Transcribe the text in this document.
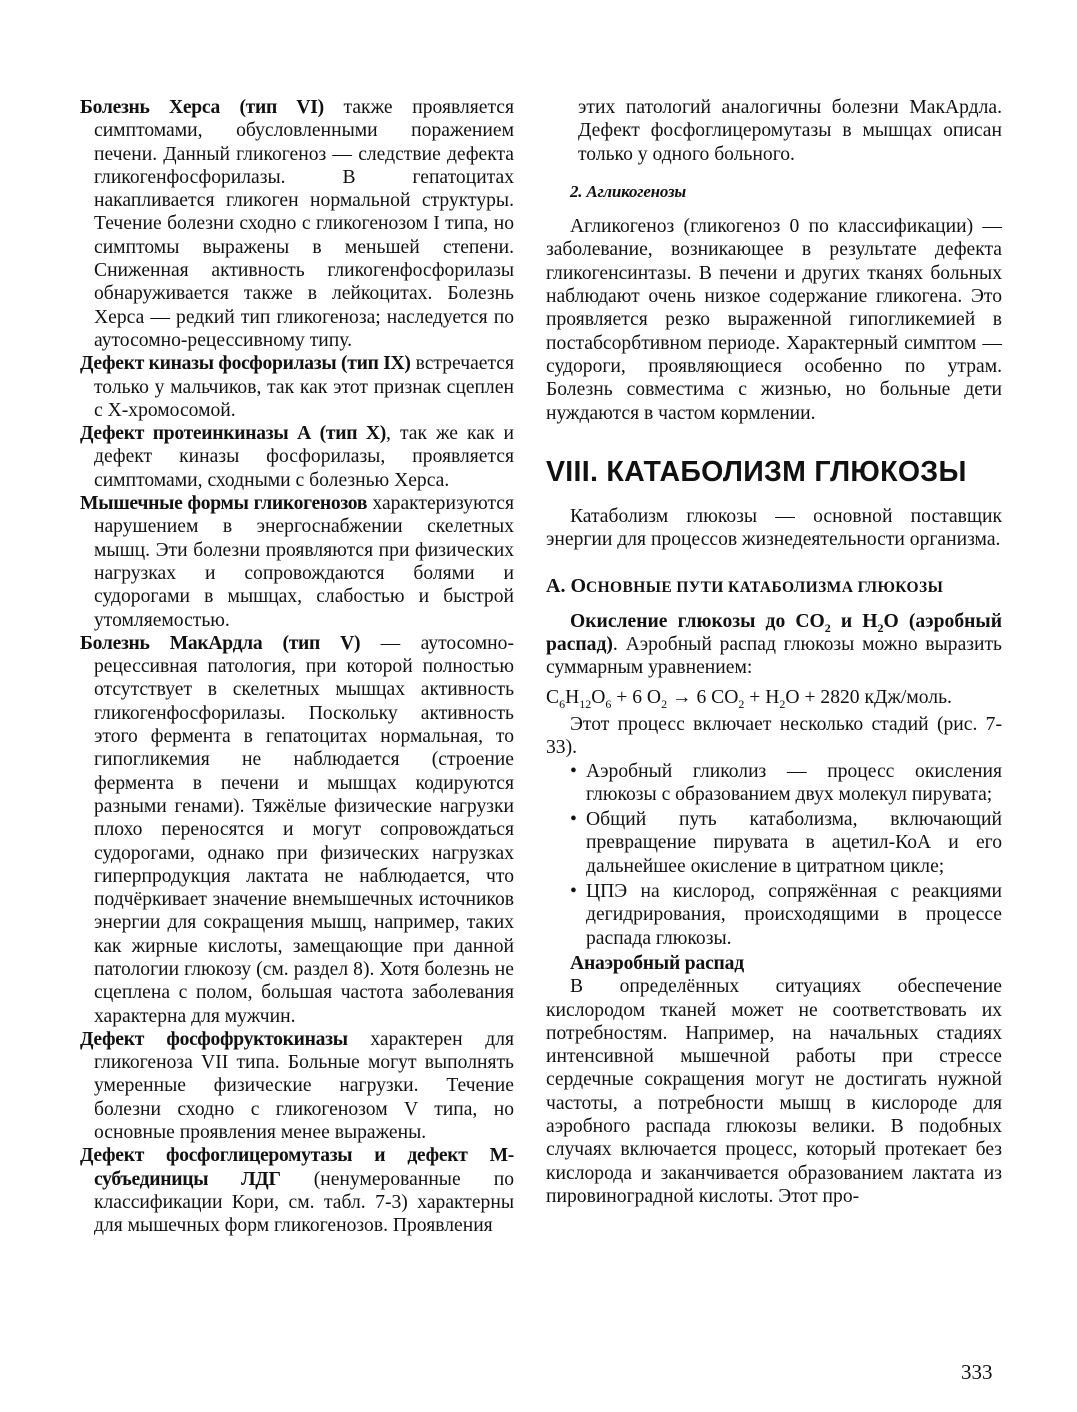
Болезнь Херса (тип VI) также проявляется симптомами, обусловленными поражением печени. Данный гликогеноз — следствие дефекта гликогенфосфорилазы. В гепатоцитах накапливается гликоген нормальной структуры. Течение болезни сходно с гликогенозом I типа, но симптомы выражены в меньшей степени. Сниженная активность гликогенфосфорилазы обнаруживается также в лейкоцитах. Болезнь Херса — редкий тип гликогеноза; наследуется по аутосомно-рецессивному типу.

Дефект киназы фосфорилазы (тип IX) встречается только у мальчиков, так как этот признак сцеплен с Х-хромосомой.

Дефект протеинкиназы А (тип X), так же как и дефект киназы фосфорилазы, проявляется симптомами, сходными с болезнью Херса.

Мышечные формы гликогенозов характеризуются нарушением в энергоснабжении скелетных мышц. Эти болезни проявляются при физических нагрузках и сопровождаются болями и судорогами в мышцах, слабостью и быстрой утомляемостью.

Болезнь МакАрдла (тип V) — аутосомно-рецессивная патология, при которой полностью отсутствует в скелетных мышцах активность гликогенфосфорилазы. Поскольку активность этого фермента в гепатоцитах нормальная, то гипогликемия не наблюдается (строение фермента в печени и мышцах кодируются разными генами). Тяжёлые физические нагрузки плохо переносятся и могут сопровождаться судорогами, однако при физических нагрузках гиперпродукция лактата не наблюдается, что подчёркивает значение внемышечных источников энергии для сокращения мышц, например, таких как жирные кислоты, замещающие при данной патологии глюкозу (см. раздел 8). Хотя болезнь не сцеплена с полом, большая частота заболевания характерна для мужчин.

Дефект фосфофруктокиназы характерен для гликогеноза VII типа. Больные могут выполнять умеренные физические нагрузки. Течение болезни сходно с гликогенозом V типа, но основные проявления менее выражены.

Дефект фосфоглицеромутазы и дефект М-субъединицы ЛДГ (ненумерованные по классификации Кори, см. табл. 7-3) характерны для мышечных форм гликогенозов. Проявления

этих патологий аналогичны болезни МакАрдла. Дефект фосфоглицеромутазы в мышцах описан только у одного больного.

2. Агликогенозы

Агликогеноз (гликогеноз 0 по классификации) — заболевание, возникающее в результате дефекта гликогенсинтазы. В печени и других тканях больных наблюдают очень низкое содержание гликогена. Это проявляется резко выраженной гипогликемией в постабсорбтивном периоде. Характерный симптом — судороги, проявляющиеся особенно по утрам. Болезнь совместима с жизнью, но больные дети нуждаются в частом кормлении.

VIII. КАТАБОЛИЗМ ГЛЮКОЗЫ

Катаболизм глюкозы — основной поставщик энергии для процессов жизнедеятельности организма.

А. ОСНОВНЫЕ ПУТИ КАТАБОЛИЗМА ГЛЮКОЗЫ

Окисление глюкозы до $CO_2$ и $H_2O$ (аэробный распад). Аэробный распад глюкозы можно выразить суммарным уравнением:

$C_6H_{12}O_6 + 6$ $O_2 \to 6$ $CO_2 + H_2O + 2820$ кДж/моль.

Этот процесс включает несколько стадий (рис. 7-33).

• Аэробный гликолиз — процесс окисления глюкозы с образованием двух молекул пирувата;
• Общий путь катаболизма, включающий превращение пирувата в ацетил-КоА и его дальнейшее окисление в цитратном цикле;
• ЦПЭ на кислород, сопряжённая с реакциями дегидрирования, происходящими в процессе распада глюкозы.

Анаэробный распад

В определённых ситуациях обеспечение кислородом тканей может не соответствовать их потребностям. Например, на начальных стадиях интенсивной мышечной работы при стрессе сердечные сокращения могут не достигать нужной частоты, а потребности мышц в кислороде для аэробного распада глюкозы велики. В подобных случаях включается процесс, который протекает без кислорода и заканчивается образованием лактата из пировиноградной кислоты. Этот про-

333
